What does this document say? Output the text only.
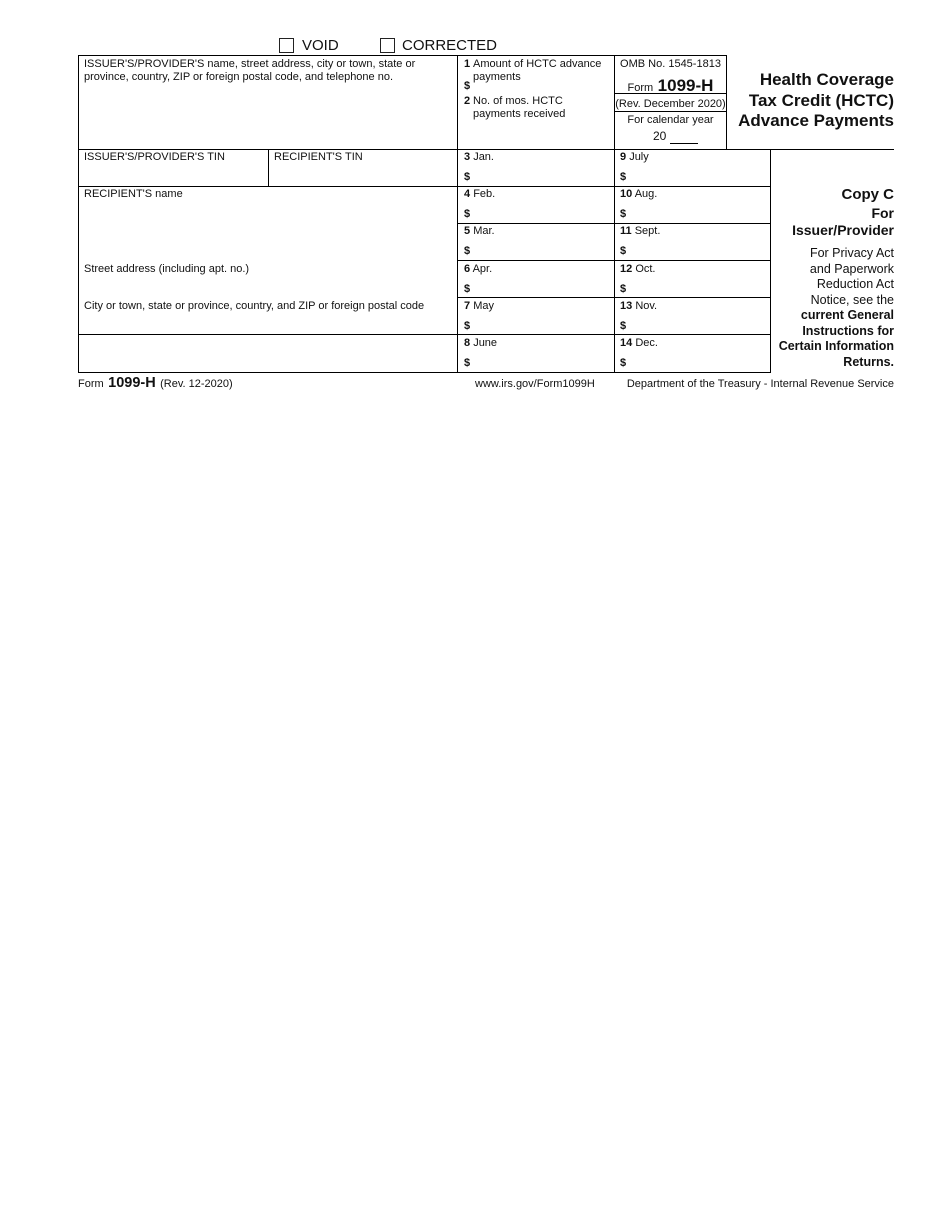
VOID	CORRECTED
ISSUER'S/PROVIDER'S name, street address, city or town, state or province, country, ZIP or foreign postal code, and telephone no.
1 Amount of HCTC advance payments
$
2 No. of mos. HCTC payments received
OMB No. 1545-1813
Form 1099-H
(Rev. December 2020)
For calendar year
20
Health Coverage
Tax Credit (HCTC)
Advance Payments
ISSUER'S/PROVIDER'S TIN	RECIPIENT'S TIN
RECIPIENT'S name
Street address (including apt. no.)
City or town, state or province, country, and ZIP or foreign postal code
3 Jan.
$
4 Feb.
$
5 Mar.
$
6 Apr.
$
7 May
$
8 June
$
9 July
$
10 Aug.
$
11 Sept.
$
12 Oct.
$
13 Nov.
$
14 Dec.
$
Copy C
For
Issuer/Provider
For Privacy Act
and Paperwork
Reduction Act
Notice, see the
current General
Instructions for
Certain Information
Returns.
Form 1099-H (Rev. 12-2020)	www.irs.gov/Form1099H	Department of the Treasury - Internal Revenue Service
